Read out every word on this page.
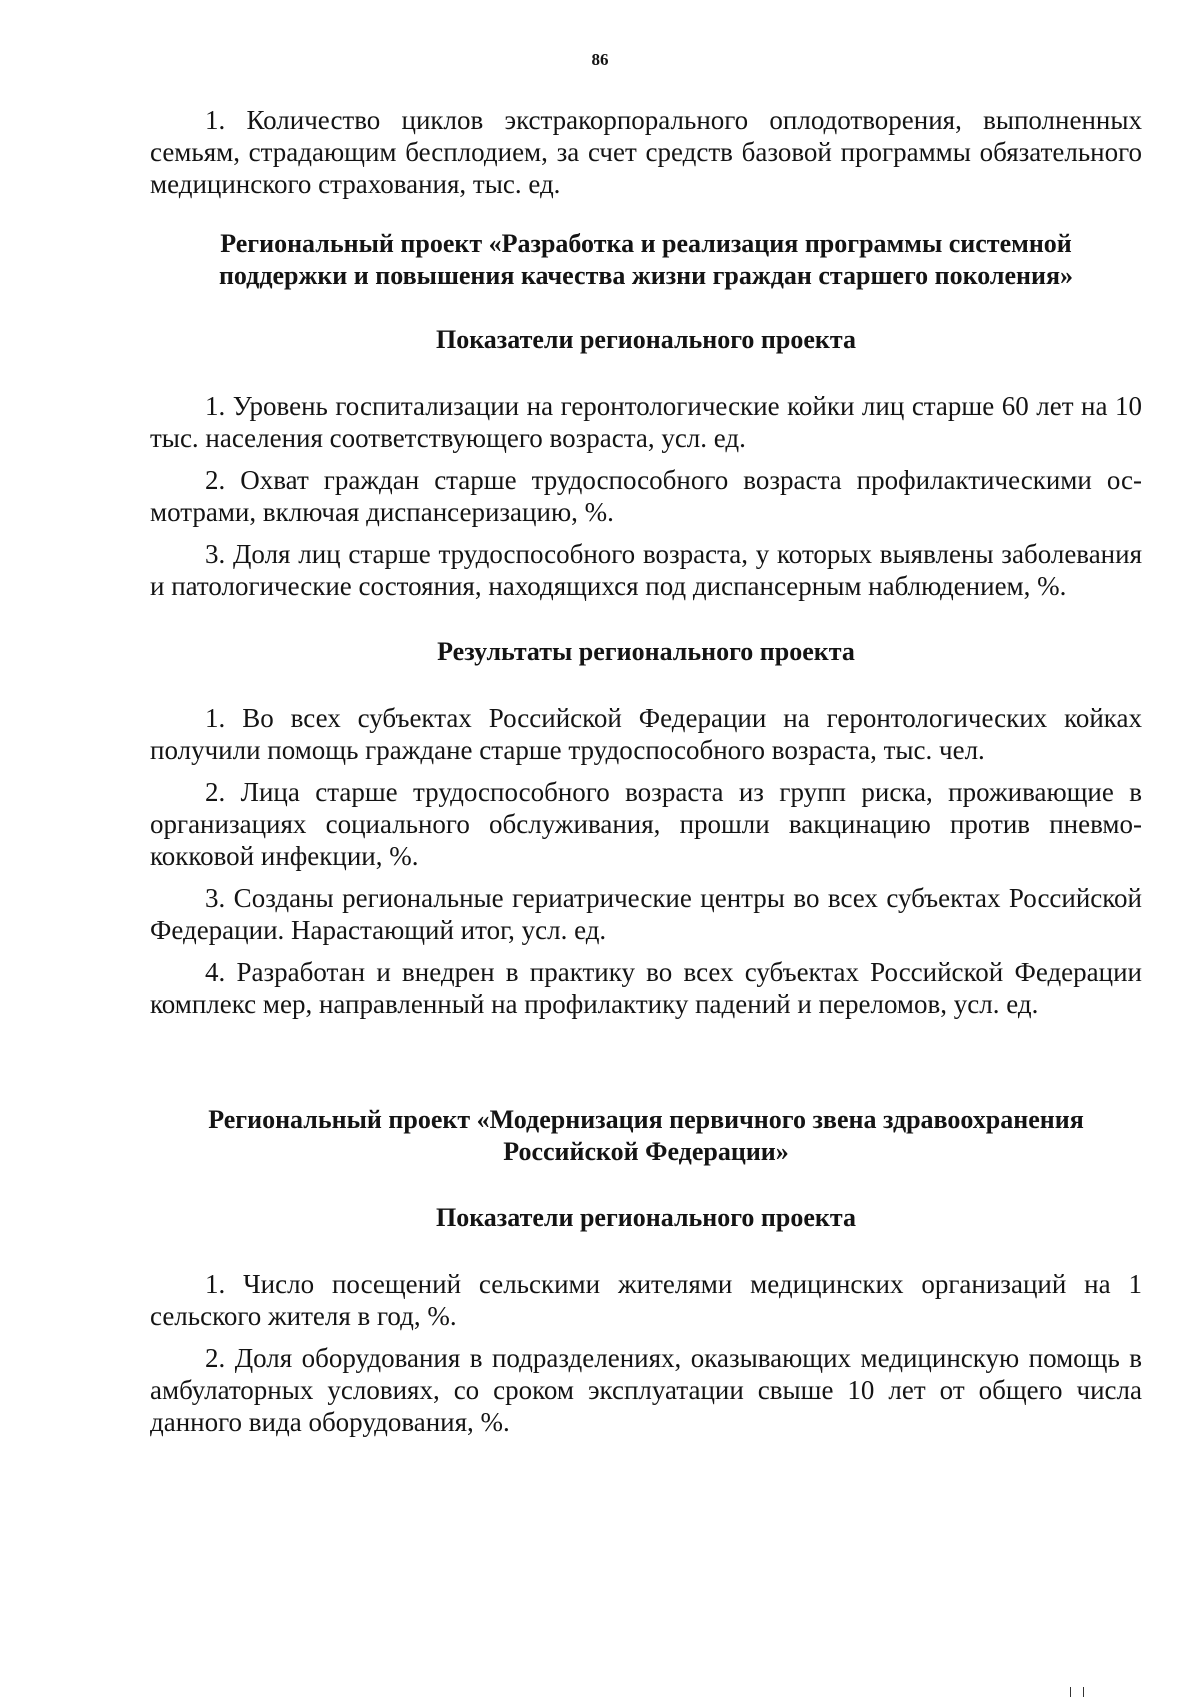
86

1. Количество циклов экстракорпорального оплодотворения, выполненных семьям, страдающим бесплодием, за счет средств базовой программы обязательного медицинского страхования, тыс. ед.

Региональный проект «Разработка и реализация программы системной поддержки и повышения качества жизни граждан старшего поколения»
Показатели регионального проекта

1. Уровень госпитализации на геронтологические койки лиц старше 60 лет на 10 тыс. населения соответствующего возраста, усл. ед.

2. Охват граждан старше трудоспособного возраста профилактическими осмотрами, включая диспансеризацию, %.

3. Доля лиц старше трудоспособного возраста, у которых выявлены заболевания и патологические состояния, находящихся под диспансерным наблюдением, %.

Результаты регионального проекта

1. Во всех субъектах Российской Федерации на геронтологических койках получили помощь граждане старше трудоспособного возраста, тыс. чел.

2. Лица старше трудоспособного возраста из групп риска, проживающие в организациях социального обслуживания, прошли вакцинацию против пневмококковой инфекции, %.

3. Созданы региональные гериатрические центры во всех субъектах Российской Федерации. Нарастающий итог, усл. ед.

4. Разработан и внедрен в практику во всех субъектах Российской Федерации комплекс мер, направленный на профилактику падений и переломов, усл. ед.

Региональный проект «Модернизация первичного звена здравоохранения Российской Федерации»
Показатели регионального проекта

1. Число посещений сельскими жителями медицинских организаций на 1 сельского жителя в год, %.

2. Доля оборудования в подразделениях, оказывающих медицинскую помощь в амбулаторных условиях, со сроком эксплуатации свыше 10 лет от общего числа данного вида оборудования, %.
